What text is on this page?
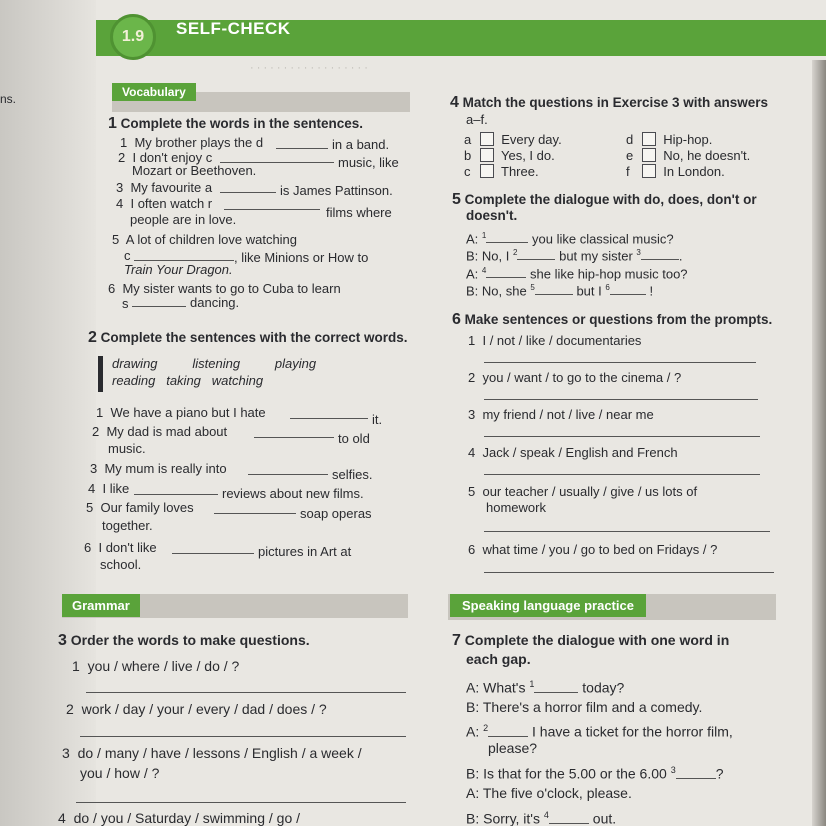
· · · · · · · · · · · · · · · · · ·
1.9	SELF-CHECK
ns.	Vocabulary
1 Complete the words in the sentences.
1 My brother plays the d	in a band.
2 I don't enjoy c	music, like
Mozart or Beethoven.
3 My favourite a	is James Pattinson.
4 I often watch r
films where
people are in love.
5 A lot of children love watching
c	, like Minions or How to
Train Your Dragon.
6 My sister wants to go to Cuba to learn
s	dancing.
2 Complete the sentences with the correct words.
drawing	listening	playing
reading taking watching
1 We have a piano but I hate	it.
2 My dad is mad about	to old
music.
3 My mum is really into	selfies.
4 I like	reviews about new films.
5 Our family loves	soap operas
together.
6 I don't like	pictures in Art at
school.
Grammar
3 Order the words to make questions.
1 you / where / live / do / ?
2 work / day / your / every / dad / does / ?
3 do / many / have / lessons / English / a week /
you / how / ?
4 do / you / Saturday / swimming / go /
4 Match the questions in Exercise 3 with answers
a–f.
a Every day.
b Yes, I do.
c Three.
d Hip-hop.
e No, he doesn't.
f	In London.
5 Complete the dialogue with do, does, don't or
doesn't.
A: $^1$	you like classical music?
B: No, I $^2$	but my sister $^3$	.
A: $^4$	she like hip-hop music too?
B: No, she $^5$	but I $^6$	!
6 Make sentences or questions from the prompts.
1 I / not / like / documentaries
2 you / want / to go to the cinema / ?
3 my friend / not / live / near me
4 Jack / speak / English and French
5 our teacher / usually / give / us lots of
homework
6 what time / you / go to bed on Fridays / ?
Speaking language practice
7 Complete the dialogue with one word in
each gap.
A: What's $^1$	today?
B: There's a horror film and a comedy.
A: $^2$	I have a ticket for the horror film,
please?
B: Is that for the 5.00 or the 6.00 $^3$	?
A: The five o'clock, please.
B: Sorry, it's $^4$	out.
